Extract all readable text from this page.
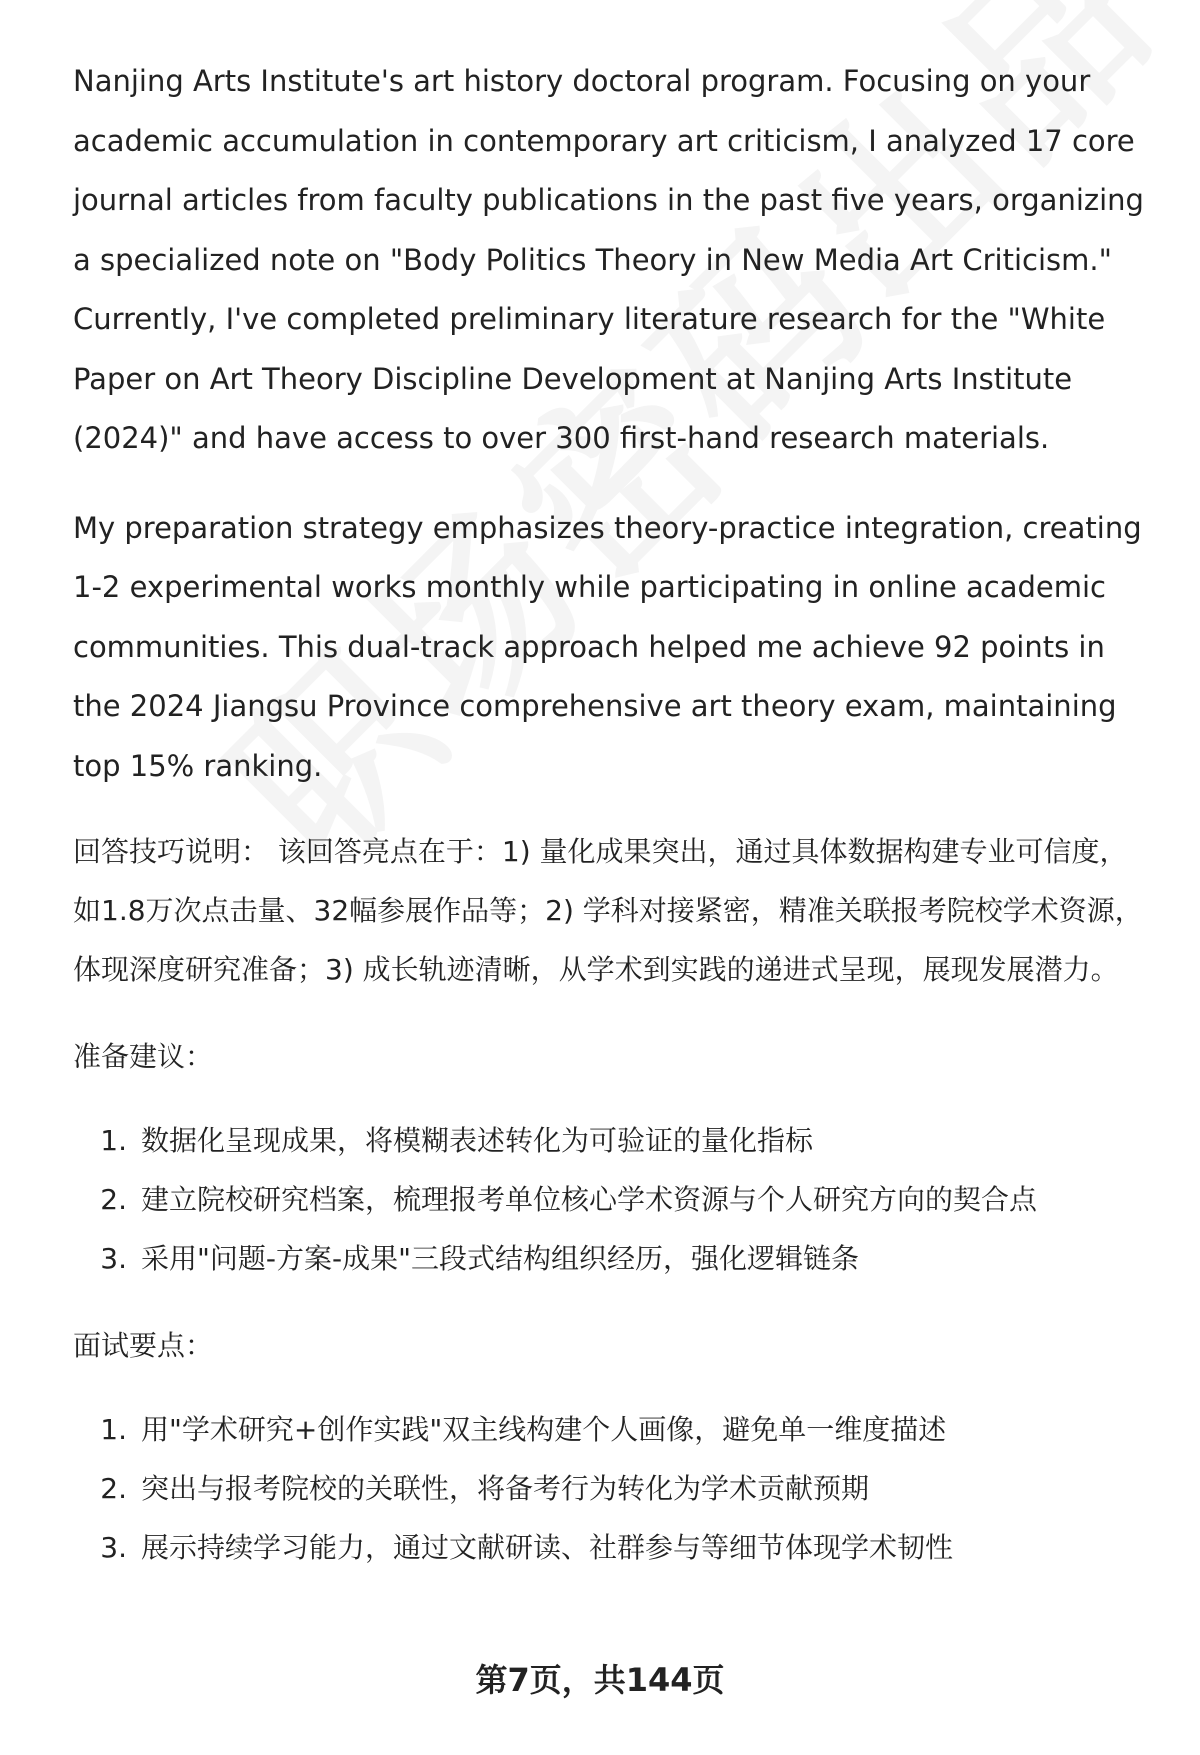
Nanjing Arts Institute's art history doctoral program. Focusing on your academic accumulation in contemporary art criticism, I analyzed 17 core journal articles from faculty publications in the past five years, organizing a specialized note on "Body Politics Theory in New Media Art Criticism." Currently, I've completed preliminary literature research for the "White Paper on Art Theory Discipline Development at Nanjing Arts Institute (2024)" and have access to over 300 first-hand research materials.

My preparation strategy emphasizes theory-practice integration, creating 1-2 experimental works monthly while participating in online academic communities. This dual-track approach helped me achieve 92 points in the 2024 Jiangsu Province comprehensive art theory exam, maintaining top 15% ranking.

回答技巧说明： 该回答亮点在于：1) 量化成果突出，通过具体数据构建专业可信度，如1.8万次点击量、32幅参展作品等；2) 学科对接紧密，精准关联报考院校学术资源，体现深度研究准备；3) 成长轨迹清晰，从学术到实践的递进式呈现，展现发展潜力。

准备建议：
1. 数据化呈现成果，将模糊表述转化为可验证的量化指标
2. 建立院校研究档案，梳理报考单位核心学术资源与个人研究方向的契合点
3. 采用"问题-方案-成果"三段式结构组织经历，强化逻辑链条
面试要点：
1. 用"学术研究+创作实践"双主线构建个人画像，避免单一维度描述
2. 突出与报考院校的关联性，将备考行为转化为学术贡献预期
3. 展示持续学习能力，通过文献研读、社群参与等细节体现学术韧性
第7页，共144页
